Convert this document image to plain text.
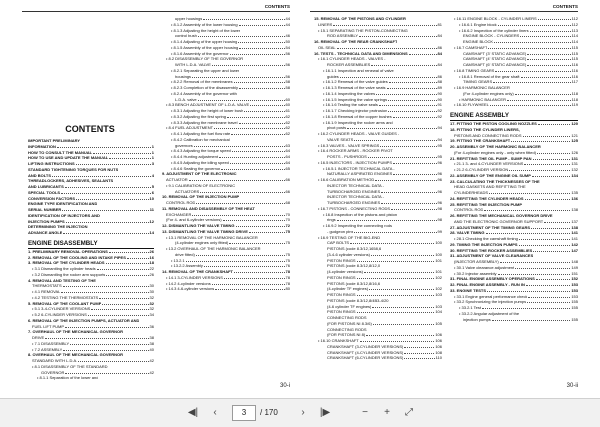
CONTENTS
CONTENTS
IMPORTANT PRELIMINARY
INFORMATION	1
HOW TO CONSULT THE MANUAL	1
HOW TO USE AND UPDATE THE MANUAL	1
LIFTING INSTRUCTIONS	3
STANDARD TIGHTENING TORQUES FOR NUTS
AND BOLTS	4
THREADLOCKERS, ADHESIVES, SEALANTS
AND LUBRICANTS	5
SPECIAL TOOLS	6
CONVERSION FACTORS	10
ENGINE TYPE IDENTIFICATION AND
SERIAL NUMBER	11
IDENTIFICATION OF INJECTORS AND
INJECTION PUMPS	12
DETERMINING THE INJECTION
ADVANCE ANGLE	14
ENGINE DISASSEMBLY
1. PRELIMINARY REMOVAL OPERATIONS	26
2. REMOVAL OF THE COOLING AND INTAKE PIPES	16
3. REMOVAL OF THE CYLINDER HEADS	18
• 3.1 Dismantling the cylinder heads	22
• 3.2 Dismantling the rocker arm supports	26
4. REMOVAL AND TESTING OF THE
THERMOSTATS	30
• 4.1 REMOVAL	30
• 4.2 TESTING THE THERMOSTATS	32
5. REMOVAL OF THE COOLANT PUMP	32
• 5.1 3-4-CYLINDER VERSIONS	32
• 5.2 6-CYLINDER VERSIONS	34
6. REMOVAL OF THE INJECTION PUMPS, ACTUATOR AND
FUEL LIFT PUMP	36
7. OVERHAUL OF THE MECHANICAL GOVERNOR
DRIVE	38
• 7.1 DISASSEMBLY	38
• 7.2 ASSEMBLY	40
8. OVERHAUL OF THE MECHANICAL GOVERNOR
STANDARD WITH L.D.A.	42
• 8.1 DISASSEMBLY OF THE STANDARD
GOVERNOR	42
• 8.1.1 Separation of the lower and
upper housings	44
• 8.1.2 Assembly of the lower housing	44
• 8.1.3 Adjusting the height of the lower
control bush	46
• 8.1.4 Adjusting of the upper housing	50
• 8.1.5 Assembly of the upper housing	54
• 8.1.6 Assembly of the governor	56
• 8.2 DISASSEMBLY OF THE GOVERNOR
WITH L.D.A. VALVE	56
• 8.2.1 Separating the upper and lower
housings	56
• 8.2.2 Removal of the membranes	58
• 8.2.3 Completion of the disassembly	58
• 8.2.4 Assembly of the governor with
L.D.A. valve	60
• 8.3 BENCH ADJUSTMENT OF L.D.A. VALVE	60
• 8.3.1 Adjusting the height of lower bush	61
• 8.3.2 Adjusting the first spring	62
• 8.3.3 Adjusting the membrane travel	62
• 8.4 FUEL ADJUSTMENT	62
• 8.4.1 Adjusting the fuel flow rate	62
• 8.4.2 Calibration for mechanical
governors	63
• 8.4.3 Adjusting the torque speed	64
• 8.4.4 Hunting adjustment	64
• 8.4.5 Adjusting the idling speed	64
• 8.4.6 Sealing the governor	65
9. ADJUSTMENT OF THE ELECTRONIC
ACTUATOR	66
• 9.1 CALIBRATION OF ELECTRONIC
ACTUATORS	66
10. REMOVAL OF THE INJECTION PUMP
CONTROL ROD	68
11. REMOVAL AND DISASSEMBLY OF THE HEAT
EXCHANGER	70
(For 4- and 6-cylinder versions)	70
12. DISMANTLING THE VALVE TIMING	72
13. DISMANTLING THE VALVE TIMING DRIVE	75
• 13.1 REMOVAL OF THE HARMONIC BALANCER
(4-cylinder engines only fitted)	75
• 13.2 OVERHAUL OF THE HARMONIC BALANCER
drive fitted)	75
• 13.2.1	75
• 13.2.2 Assembly	76
14. REMOVAL OF THE CRANKSHAFT	78
• 14.1 3-CYLINDER VERSIONS	78
• 14.2 4-cylinder versions	78
• 14.3 4-6-cylinder versions	80
30-i
CONTENTS
15. REMOVAL OF THE PISTONS AND CYLINDER
LINERS	81
• 15.1 SEPARATING THE PISTON-CONNECTING
ROD ASSEMBLY	84
16. REMOVAL OF THE REAR CRANKSHAFT
OIL SEAL	86
16. TESTS - TECHNICAL DATA AND DIMENSIONS	84
• 16.1 CYLINDER HEADS - VALVES -
ROCKER ASSEMBLIES	84
• 16.1.1 Inspection and renewal of valve
guides	86
• 16.1.2 Renewal of the valve guides	88
• 16.1.3 Renewal of the valve seats	89
• 16.1.4 Inspecting the valves	90
• 16.1.5 Inspecting the valve springs	90
• 16.1.6 Testing the valve seals	91
• 16.1.7 Checking injector protrusion	92
• 16.1.8 Renewal of the copper bushes	92
• 16.1.9 Inspecting the rocker arms and
pivot posts	94
• 16.2 CYLINDER HEADS - VALVE GUIDES -
VALVE SEATS	94
• 16.3 VALVES - VALVE SPRINGS	95
• 16.4 ROCKER ARMS - ROCKER PIVOT
POSTS - PUSHRODS	95
• 16.5 INJECTORS - INJECTION PUMPS	96
• 16.5.1 INJECTOR TECHNICAL DATA -
NATURALLY ASPIRATED ENGINES	96
• 16.6 CALIBRATION METHOD	96
INJECTOR TECHNICAL DATA -
TURBOCHARGED ENGINES	96
INJECTOR TECHNICAL DATA -
TURBOCHARGED ENGINES	96
• 16.7 PISTONS - CONNECTING RODS	98
• 16.8 Inspection of the pistons and piston
rings	98
• 16.9.2 Inspecting the connecting rods
- gudgeon pins	99
• 16.9 TESTING OF THE BIG-END
CAP BOLTS	100
PISTONS (code 8.3/12,1658,6
(3-4-6 cylinder versions)	100
PISTON RINGS	101
PISTONS (code 8.3/12,8/12,0
(4-cylinder versions)	101
PISTON RINGS	102
PISTONS (code 8.3/12,8/16,6
(4-cylinder TF engines)	102
PISTON RINGS	103
PISTONS (code 8.3/12,8/4B3-4/20
(4-6 cylinder TF engines)	103
PISTON RINGS	104
CONNECTING RODS
(FOR PISTONS NI 8.3/6)	105
CONNECTING RODS
(FOR PISTONS NI 8)	106
• 16.10 CRANKSHAFT	106
CRANKSHAFT (3-CYLINDER VERSIONS)	106
CRANKSHAFT (4-CYLINDER VERSIONS)	108
CRANKSHAFT (6-CYLINDER VERSIONS)	110
• 16.11 ENGINE BLOCK - CYLINDER LINERS	112
• 16.6.1 Engine block	112
• 16.6.2 Inspection of the cylinder liners	113
ENGINE BLOCK - CYLINDERS	114
ENGINE BLOCK	114
• 16.7 CAMSHAFT	115
CAMSHAFT (3' STATIC ADVANCE)	115
CAMSHAFT (4' STATIC ADVANCE)	115
CAMSHAFT (6' STATIC ADVANCE)	116
• 16.8 TIMING GEARS	116
• 16.8.1 Removal of the gear shaft	116
TIMING GEARS	117
• 16.9 HARMONIC BALANCER
(For 4-cylinder engines only)	118
• HARMONIC BALANCER	118
• 16.10 FLYWHEEL	119
ENGINE ASSEMBLY
17. FITTING THE PISTON COOLING NOZZLES	120
18. FITTING THE CYLINDER LINERS,
PISTONS AND CONNECTING RODS	121
19. FITTING THE CRANKSHAFT	125
20. ASSEMBLY OF THE HARMONIC BALANCER
(For 4-cylinder engines only - only when fitted)	126
21. REFITTING THE OIL PUMP - SUMP PAN	131
• 21.1 3- and 4-CYLINDER VERSIONS	131
• 21.2 6-CYLINDER VERSION	132
22. ASSEMBLY OF THE ENGINE OIL SUMP	134
23. CALCULATING THE THICKNESSES OF THE
HEAD GASKETS AND REFITTING THE
CYLINDERHEADS	135
24. REFITTING THE CYLINDER HEADS	136
25. REFITTING THE INJECTION PUMP
CONTROL ROD	138
26. REFITTING THE MECHANICAL GOVERNOR DRIVE
AND THE ELECTRONIC GOVERNOR SUPPORT	137
27. ADJUSTMENT OF THE TIMING GEARS	138
28. VALVE TIMING	141
• 28.1 Checking the camshaft timing	141
29. TIMING THE INJECTION PUMPS	142
30. REFITTING THE ROCKER ASSEMBLIES	147
31. ADJUSTMENT OF VALVE CLEARANCES
(INJECTOR ASSEMBLY)	148
• 30.1 Valve clearance adjustment	149
• 30.2 Injector assembly	151
31. FINAL ENGINE ASSEMBLY OPERATIONS	152
32. FINAL ENGINE ASSEMBLY - RUN IN	153
33. ENGINE TESTS	153
• 33.1 Engine general performance check	153
• 33.2 Synchronizing the injection pumps	155
• 33.2.1 Test	155
• 33.2.2 Angular adjustment of the
injection pumps	155
30-ii
◀|	‹
3	/ 170	›	|▶	−	+	⤢
